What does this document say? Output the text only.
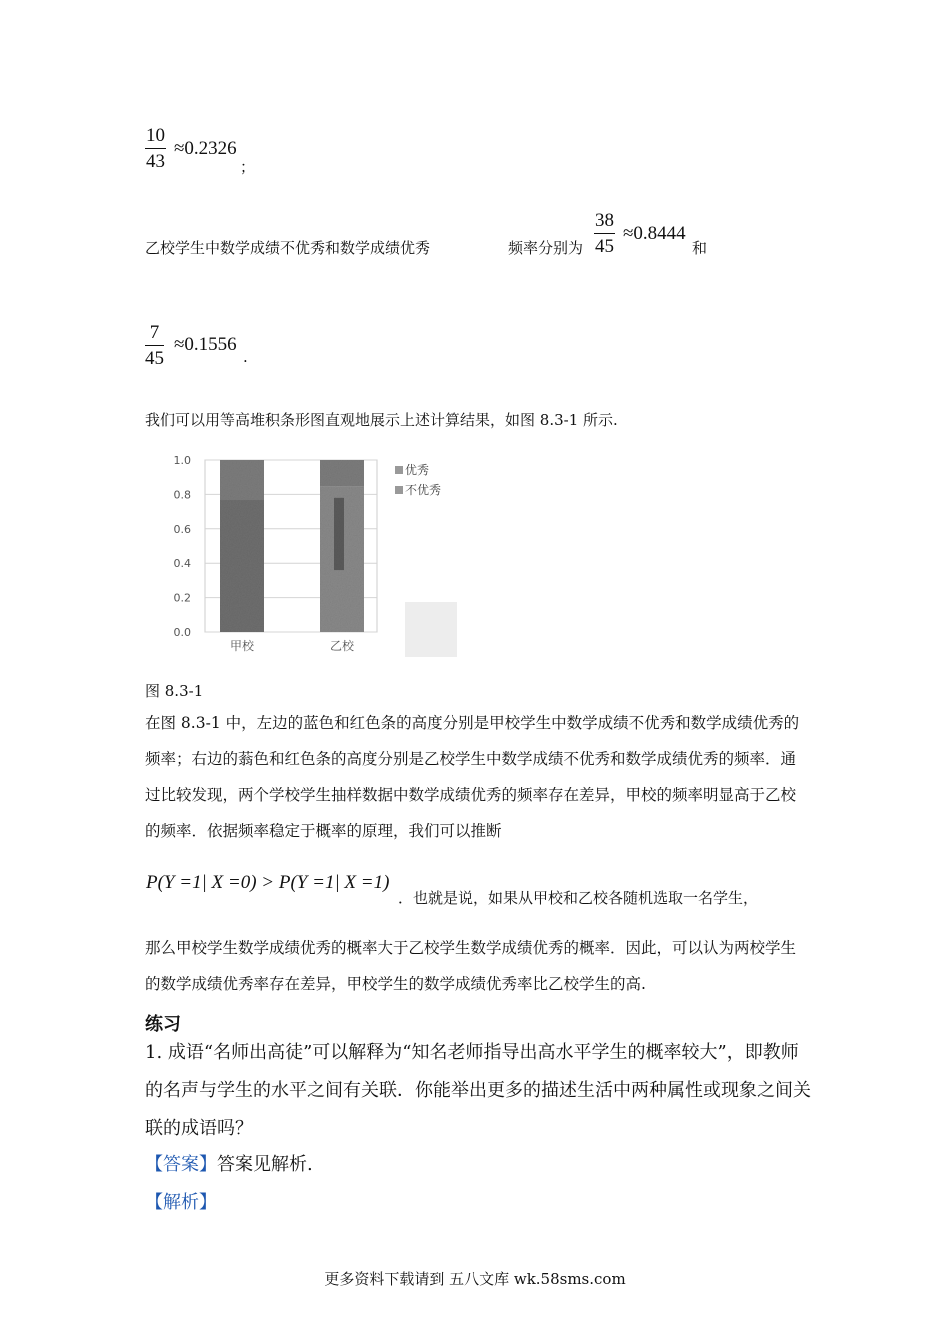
10
43
≈0.2326
；
乙校学生中数学成绩不优秀和数学成绩优秀	频率分别为
38
45
≈0.8444
和
7
45
≈0.1556
.
我们可以用等高堆积条形图直观地展示上述计算结果，如图 8.3-1 所示.
1.0
0.8
0.6
0.4
0.2
0.0
甲校	乙校
优秀
不优秀
图 8.3-1
在图 8.3-1 中，左边的蓝色和红色条的高度分别是甲校学生中数学成绩不优秀和数学成绩优秀的频率；右边的蓊色和红色条的高度分别是乙校学生中数学成绩不优秀和数学成绩优秀的频率．通过比较发现，两个学校学生抽样数据中数学成绩优秀的频率存在差异，甲校的频率明显高于乙校的频率．依据频率稳定于概率的原理，我们可以推断
P(Y =1| X =0) > P(Y =1| X =1)
．也就是说，如果从甲校和乙校各随机选取一名学生，
那么甲校学生数学成绩优秀的概率大于乙校学生数学成绩优秀的概率．因此，可以认为两校学生的数学成绩优秀率存在差异，甲校学生的数学成绩优秀率比乙校学生的高.
练习
1. 成语“名师出高徒”可以解释为“知名老师指导出高水平学生的概率较大”，即教师的名声与学生的水平之间有关联．你能举出更多的描述生活中两种属性或现象之间关联的成语吗？
【答案】答案见解析.
【解析】
更多资料下载请到 五八文库 wk.58sms.com
